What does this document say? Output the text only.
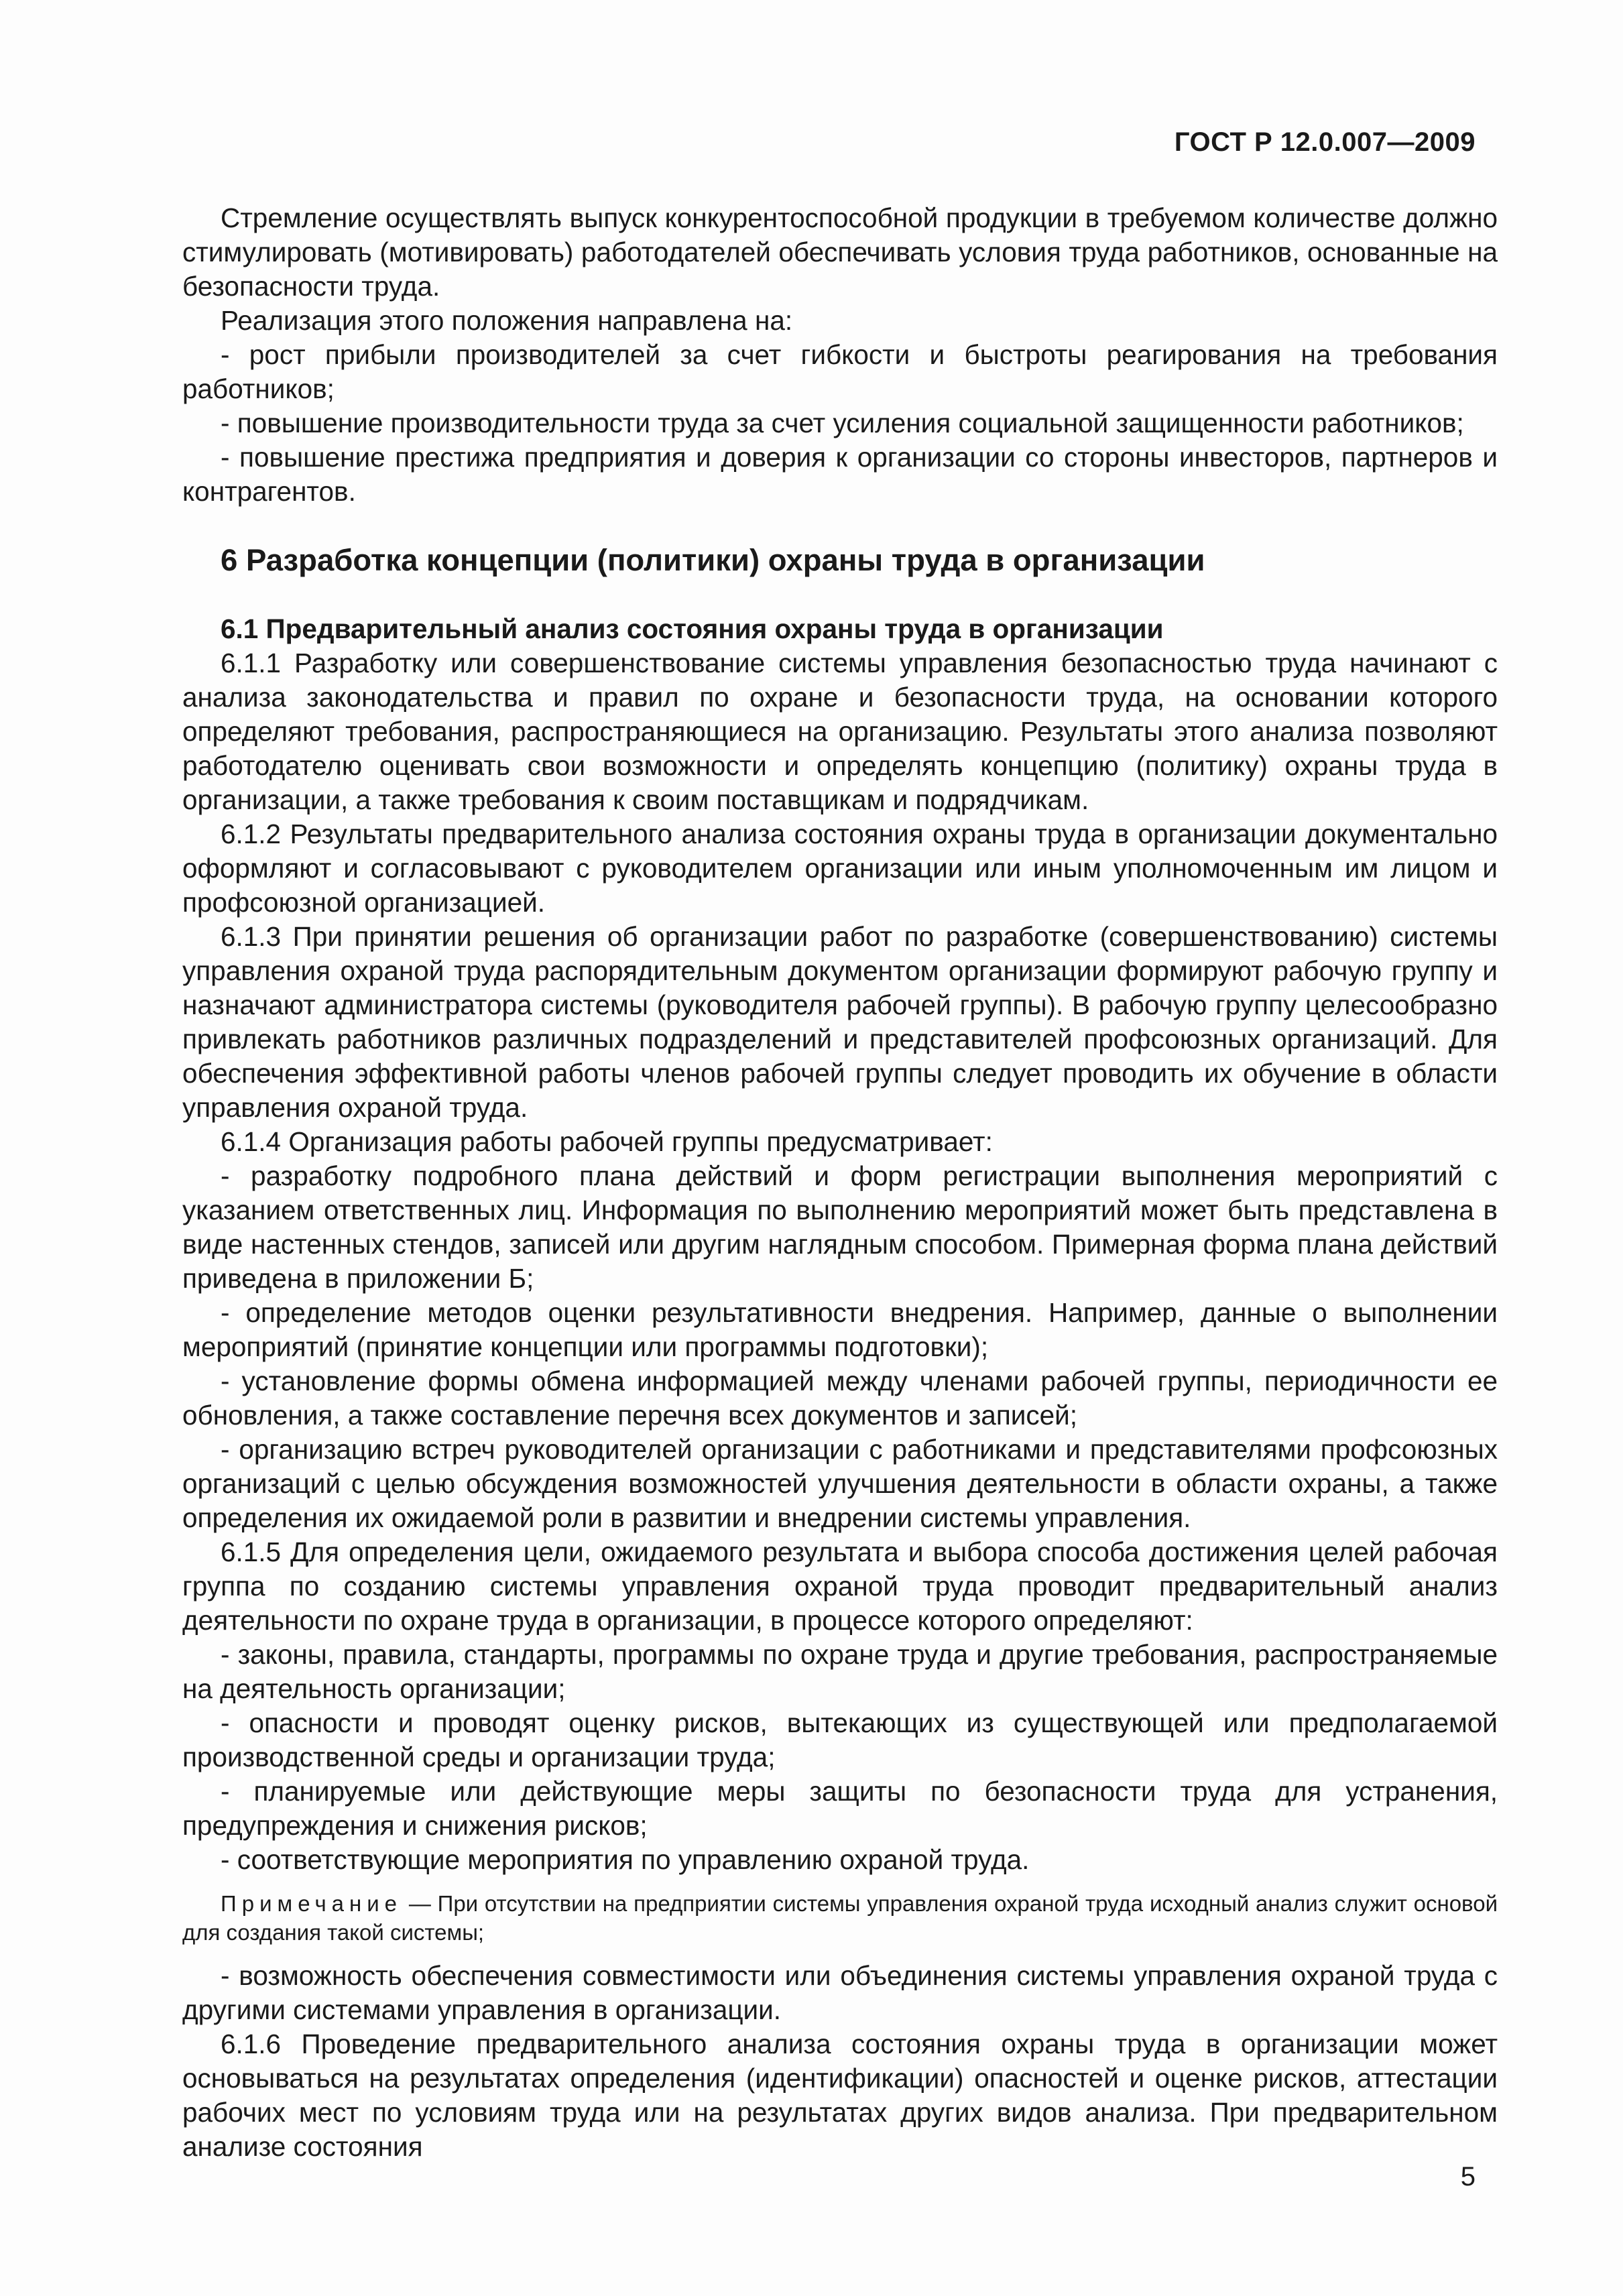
ГОСТ Р 12.0.007—2009

Стремление осуществлять выпуск конкурентоспособной продукции в требуемом количестве должно стимулировать (мотивировать) работодателей обеспечивать условия труда работников, основанные на безопасности труда.

Реализация этого положения направлена на:

- рост прибыли производителей за счет гибкости и быстроты реагирования на требования работников;

- повышение производительности труда за счет усиления социальной защищенности работников;

- повышение престижа предприятия и доверия к организации со стороны инвесторов, партнеров и контрагентов.

6 Разработка концепции (политики) охраны труда в организации
6.1 Предварительный анализ состояния охраны труда в организации

6.1.1 Разработку или совершенствование системы управления безопасностью труда начинают с анализа законодательства и правил по охране и безопасности труда, на основании которого определяют требования, распространяющиеся на организацию. Результаты этого анализа позволяют работодателю оценивать свои возможности и определять концепцию (политику) охраны труда в организации, а также требования к своим поставщикам и подрядчикам.

6.1.2 Результаты предварительного анализа состояния охраны труда в организации документально оформляют и согласовывают с руководителем организации или иным уполномоченным им лицом и профсоюзной организацией.

6.1.3 При принятии решения об организации работ по разработке (совершенствованию) системы управления охраной труда распорядительным документом организации формируют рабочую группу и назначают администратора системы (руководителя рабочей группы). В рабочую группу целесообразно привлекать работников различных подразделений и представителей профсоюзных организаций. Для обеспечения эффективной работы членов рабочей группы следует проводить их обучение в области управления охраной труда.

6.1.4 Организация работы рабочей группы предусматривает:

- разработку подробного плана действий и форм регистрации выполнения мероприятий с указанием ответственных лиц. Информация по выполнению мероприятий может быть представлена в виде настенных стендов, записей или другим наглядным способом. Примерная форма плана действий приведена в приложении Б;

- определение методов оценки результативности внедрения. Например, данные о выполнении мероприятий (принятие концепции или программы подготовки);

- установление формы обмена информацией между членами рабочей группы, периодичности ее обновления, а также составление перечня всех документов и записей;

- организацию встреч руководителей организации с работниками и представителями профсоюзных организаций с целью обсуждения возможностей улучшения деятельности в области охраны, а также определения их ожидаемой роли в развитии и внедрении системы управления.

6.1.5 Для определения цели, ожидаемого результата и выбора способа достижения целей рабочая группа по созданию системы управления охраной труда проводит предварительный анализ деятельности по охране труда в организации, в процессе которого определяют:

- законы, правила, стандарты, программы по охране труда и другие требования, распространяемые на деятельность организации;

- опасности и проводят оценку рисков, вытекающих из существующей или предполагаемой производственной среды и организации труда;

- планируемые или действующие меры защиты по безопасности труда для устранения, предупреждения и снижения рисков;

- соответствующие мероприятия по управлению охраной труда.

Примечание — При отсутствии на предприятии системы управления охраной труда исходный анализ служит основой для создания такой системы;

- возможность обеспечения совместимости или объединения системы управления охраной труда с другими системами управления в организации.

6.1.6 Проведение предварительного анализа состояния охраны труда в организации может основываться на результатах определения (идентификации) опасностей и оценке рисков, аттестации рабочих мест по условиям труда или на результатах других видов анализа. При предварительном анализе состояния

5
